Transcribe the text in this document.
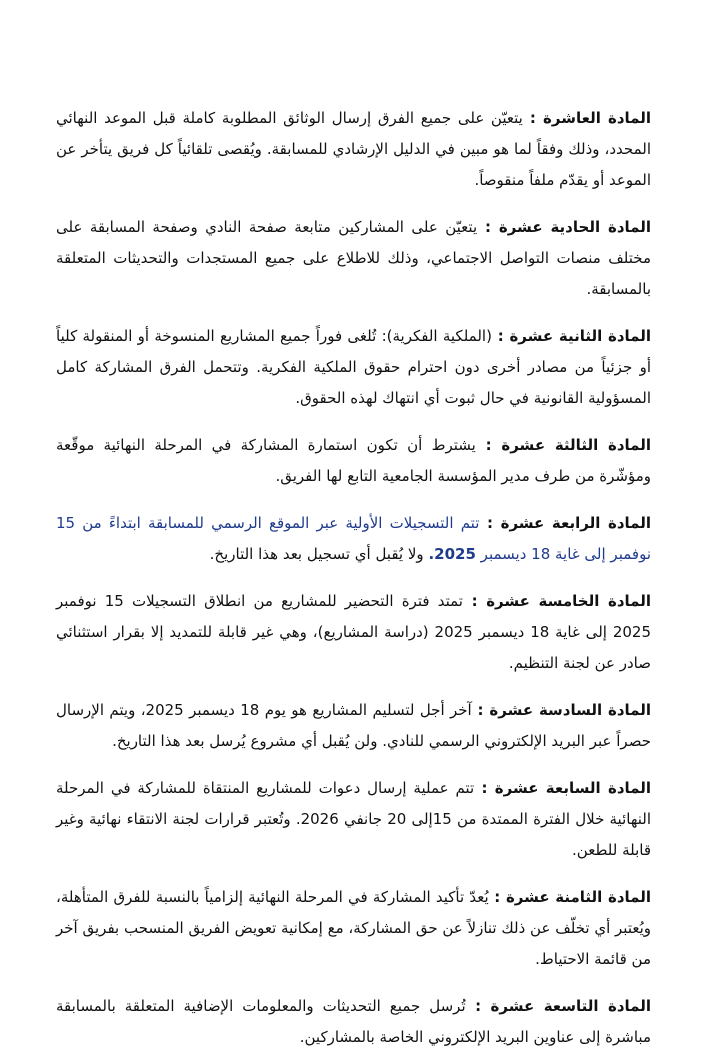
المادة العاشرة : يتعيّن على جميع الفرق إرسال الوثائق المطلوبة كاملة قبل الموعد النهائي المحدد، وذلك وفقاً لما هو مبين في الدليل الإرشادي للمسابقة. ويُقصى تلقائياً كل فريق يتأخر عن الموعد أو يقدّم ملفاً منقوصاً.

المادة الحادية عشرة : يتعيّن على المشاركين متابعة صفحة النادي وصفحة المسابقة على مختلف منصات التواصل الاجتماعي، وذلك للاطلاع على جميع المستجدات والتحديثات المتعلقة بالمسابقة.

المادة الثانية عشرة : (الملكية الفكرية): تُلغى فوراً جميع المشاريع المنسوخة أو المنقولة كلياً أو جزئياً من مصادر أخرى دون احترام حقوق الملكية الفكرية. وتتحمل الفرق المشاركة كامل المسؤولية القانونية في حال ثبوت أي انتهاك لهذه الحقوق.

المادة الثالثة عشرة : يشترط أن تكون استمارة المشاركة في المرحلة النهائية موقّعة ومؤشّرة من طرف مدير المؤسسة الجامعية التابع لها الفريق.

المادة الرابعة عشرة : تتم التسجيلات الأولية عبر الموقع الرسمي للمسابقة ابتداءً من 15 نوفمبر إلى غاية 18 ديسمبر 2025. ولا يُقبل أي تسجيل بعد هذا التاريخ.

المادة الخامسة عشرة : تمتد فترة التحضير للمشاريع من انطلاق التسجيلات 15 نوفمبر 2025 إلى غاية 18 ديسمبر 2025 (دراسة المشاريع)، وهي غير قابلة للتمديد إلا بقرار استثنائي صادر عن لجنة التنظيم.

المادة السادسة عشرة : آخر أجل لتسليم المشاريع هو يوم 18 ديسمبر 2025، ويتم الإرسال حصراً عبر البريد الإلكتروني الرسمي للنادي. ولن يُقبل أي مشروع يُرسل بعد هذا التاريخ.

المادة السابعة عشرة : تتم عملية إرسال دعوات للمشاريع المنتقاة للمشاركة في المرحلة النهائية خلال الفترة الممتدة من 15إلى 20 جانفي 2026. وتُعتبر قرارات لجنة الانتقاء نهائية وغير قابلة للطعن.

المادة الثامنة عشرة : يُعدّ تأكيد المشاركة في المرحلة النهائية إلزامياً بالنسبة للفرق المتأهلة، ويُعتبر أي تخلّف عن ذلك تنازلاً عن حق المشاركة، مع إمكانية تعويض الفريق المنسحب بفريق آخر من قائمة الاحتياط.

المادة التاسعة عشرة : تُرسل جميع التحديثات والمعلومات الإضافية المتعلقة بالمسابقة مباشرة إلى عناوين البريد الإلكتروني الخاصة بالمشاركين.
